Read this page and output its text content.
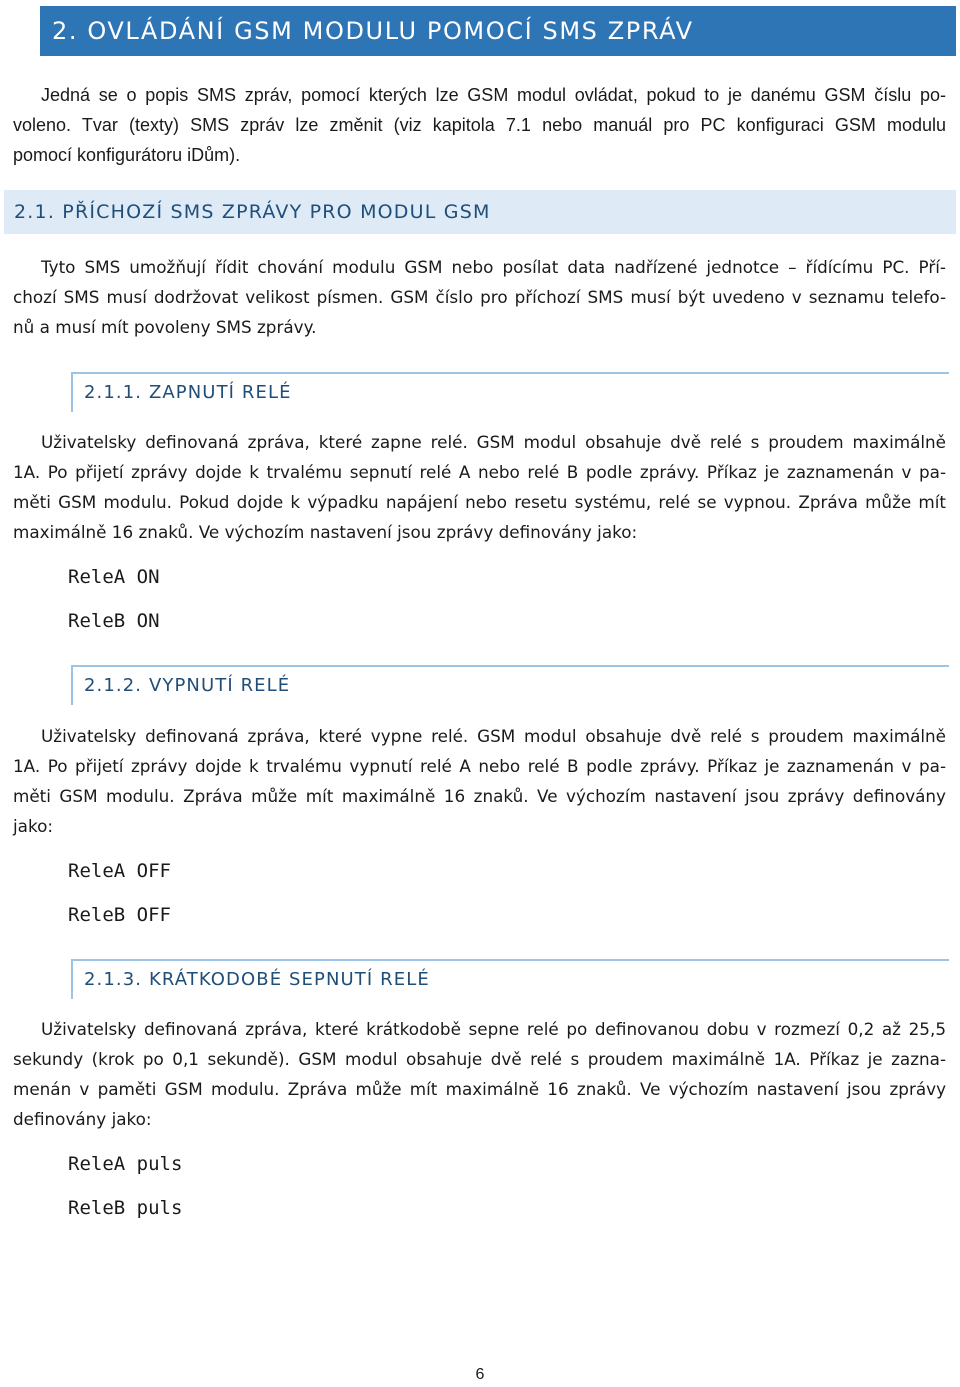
2. OVLÁDÁNÍ GSM MODULU POMOCÍ SMS ZPRÁV

Jedná se o popis SMS zpráv, pomocí kterých lze GSM modul ovládat, pokud to je danému GSM číslu po-
voleno. Tvar (texty) SMS zpráv lze změnit (viz kapitola 7.1 nebo manuál pro PC konfiguraci GSM modulu
pomocí konfigurátoru iDům).

2.1. PŘÍCHOZÍ SMS ZPRÁVY PRO MODUL GSM

Tyto SMS umožňují řídit chování modulu GSM nebo posílat data nadřízené jednotce – řídícímu PC. Pří-
chozí SMS musí dodržovat velikost písmen. GSM číslo pro příchozí SMS musí být uvedeno v seznamu telefo-
nů a musí mít povoleny SMS zprávy.

2.1.1. ZAPNUTÍ RELÉ

Uživatelsky definovaná zpráva, které zapne relé. GSM modul obsahuje dvě relé s proudem maximálně
1A. Po přijetí zprávy dojde k trvalému sepnutí relé A nebo relé B podle zprávy. Příkaz je zaznamenán v pa-
měti GSM modulu. Pokud dojde k výpadku napájení nebo resetu systému, relé se vypnou. Zpráva může mít
maximálně 16 znaků. Ve výchozím nastavení jsou zprávy definovány jako:

ReleA ON
ReleB ON
2.1.2. VYPNUTÍ RELÉ

Uživatelsky definovaná zpráva, které vypne relé. GSM modul obsahuje dvě relé s proudem maximálně
1A. Po přijetí zprávy dojde k trvalému vypnutí relé A nebo relé B podle zprávy. Příkaz je zaznamenán v pa-
měti GSM modulu. Zpráva může mít maximálně 16 znaků. Ve výchozím nastavení jsou zprávy definovány
jako:

ReleA OFF
ReleB OFF
2.1.3. KRÁTKODOBÉ SEPNUTÍ RELÉ

Uživatelsky definovaná zpráva, které krátkodobě sepne relé po definovanou dobu v rozmezí 0,2 až 25,5
sekundy (krok po 0,1 sekundě). GSM modul obsahuje dvě relé s proudem maximálně 1A. Příkaz je zazna-
menán v paměti GSM modulu. Zpráva může mít maximálně 16 znaků. Ve výchozím nastavení jsou zprávy
definovány jako:

ReleA puls
ReleB puls
6
